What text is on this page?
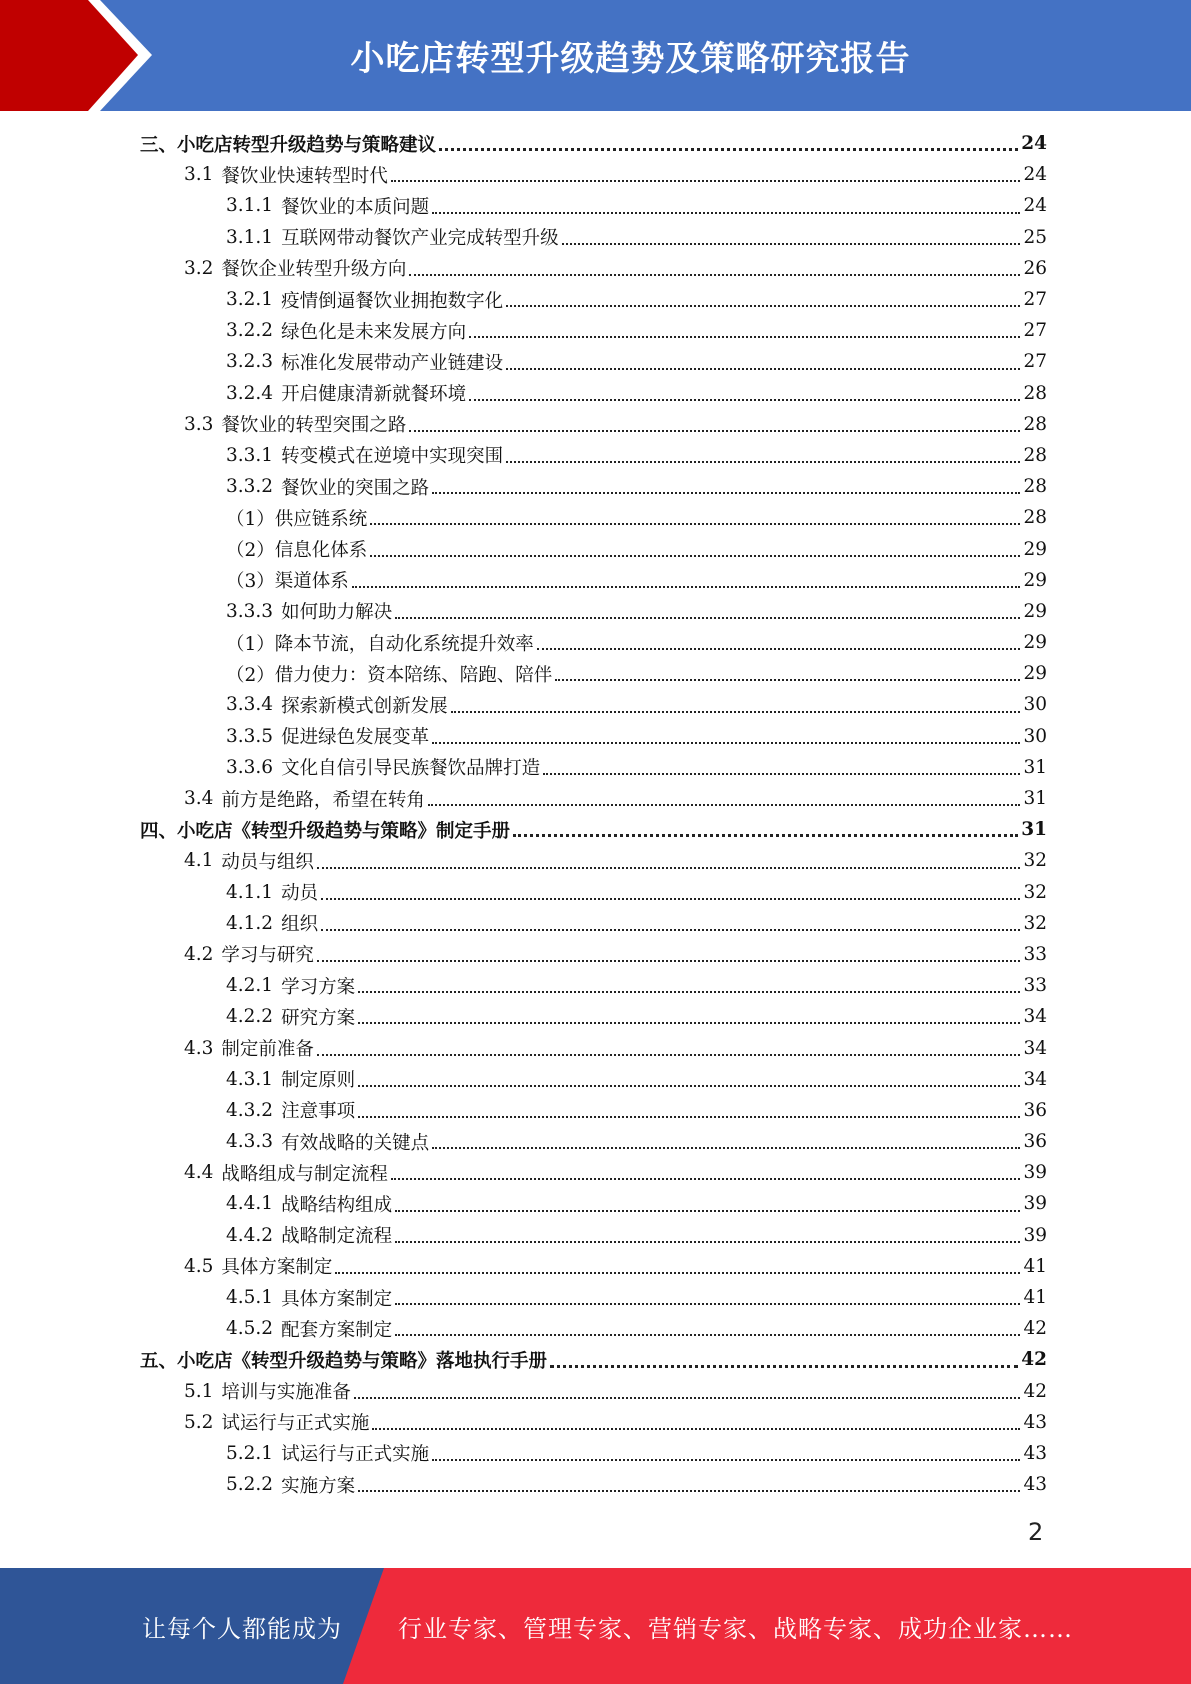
小吃店转型升级趋势及策略研究报告
三、小吃店转型升级趋势与策略建议	24
3.1 餐饮业快速转型时代	24
3.1.1 餐饮业的本质问题	24
3.1.1 互联网带动餐饮产业完成转型升级	25
3.2 餐饮企业转型升级方向	26
3.2.1 疫情倒逼餐饮业拥抱数字化	27
3.2.2 绿色化是未来发展方向	27
3.2.3 标准化发展带动产业链建设	27
3.2.4 开启健康清新就餐环境	28
3.3 餐饮业的转型突围之路	28
3.3.1 转变模式在逆境中实现突围	28
3.3.2 餐饮业的突围之路	28
（1）供应链系统	28
（2）信息化体系	29
（3）渠道体系	29
3.3.3 如何助力解决	29
（1）降本节流，自动化系统提升效率	29
（2）借力使力：资本陪练、陪跑、陪伴	29
3.3.4 探索新模式创新发展	30
3.3.5 促进绿色发展变革	30
3.3.6 文化自信引导民族餐饮品牌打造	31
3.4 前方是绝路，希望在转角	31
四、小吃店《转型升级趋势与策略》制定手册	31
4.1 动员与组织	32
4.1.1 动员	32
4.1.2 组织	32
4.2 学习与研究	33
4.2.1 学习方案	33
4.2.2 研究方案	34
4.3 制定前准备	34
4.3.1 制定原则	34
4.3.2 注意事项	36
4.3.3 有效战略的关键点	36
4.4 战略组成与制定流程	39
4.4.1 战略结构组成	39
4.4.2 战略制定流程	39
4.5 具体方案制定	41
4.5.1 具体方案制定	41
4.5.2 配套方案制定	42
五、小吃店《转型升级趋势与策略》落地执行手册	42
5.1 培训与实施准备	42
5.2 试运行与正式实施	43
5.2.1 试运行与正式实施	43
5.2.2 实施方案	43
2
让每个人都能成为 行业专家、管理专家、营销专家、战略专家、成功企业家……
